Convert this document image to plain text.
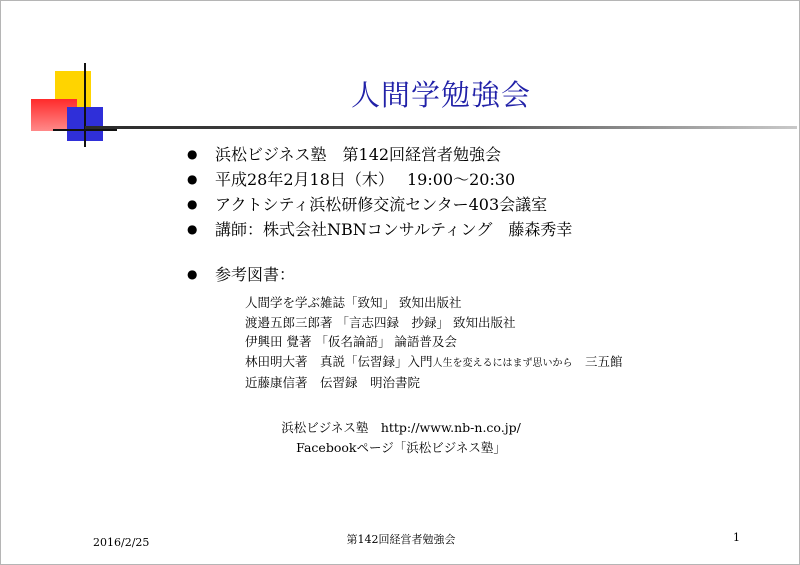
人間学勉強会
● 浜松ビジネス塾　第142回経営者勉強会
● 平成28年2月18日（木）　 19:00～20:30
● アクトシティ浜松研修交流センター403会議室
● 講師：株式会社NBNコンサルティング　藤森秀幸
● 参考図書：
人間学を学ぶ雑誌「致知」 致知出版社
渡邉五郎三郎著 「言志四録　抄録」 致知出版社
伊興田 覺著 「仮名論語」 論語普及会
林田明大著　真説「伝習録」入門人生を変えるにはまず思いから　 三五館
近藤康信著　伝習録　明治書院
浜松ビジネス塾　http://www.nb-n.co.jp/
Facebookページ「浜松ビジネス塾」
2016/2/25	第142回経営者勉強会	1
